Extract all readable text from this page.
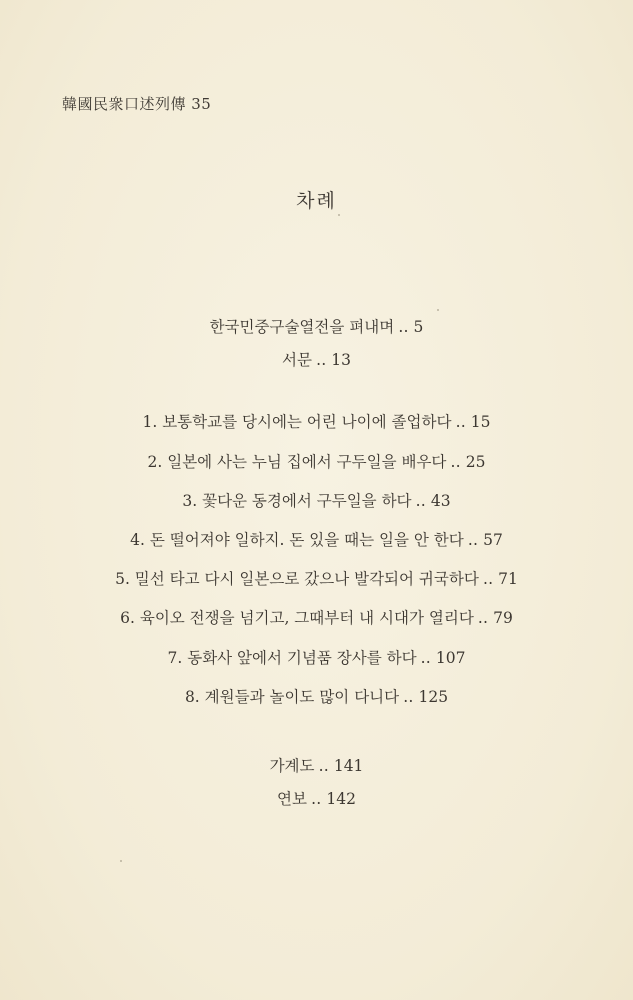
韓國民衆口述列傳 35
차례
한국민중구술열전을 펴내며 ‥ 5
서문 ‥ 13
1. 보통학교를 당시에는 어린 나이에 졸업하다 ‥ 15
2. 일본에 사는 누님 집에서 구두일을 배우다 ‥ 25
3. 꽃다운 동경에서 구두일을 하다 ‥ 43
4. 돈 떨어져야 일하지. 돈 있을 때는 일을 안 한다 ‥ 57
5. 밀선 타고 다시 일본으로 갔으나 발각되어 귀국하다 ‥ 71
6. 육이오 전쟁을 넘기고, 그때부터 내 시대가 열리다 ‥ 79
7. 동화사 앞에서 기념품 장사를 하다 ‥ 107
8. 계원들과 놀이도 많이 다니다 ‥ 125
가계도 ‥ 141
연보 ‥ 142
